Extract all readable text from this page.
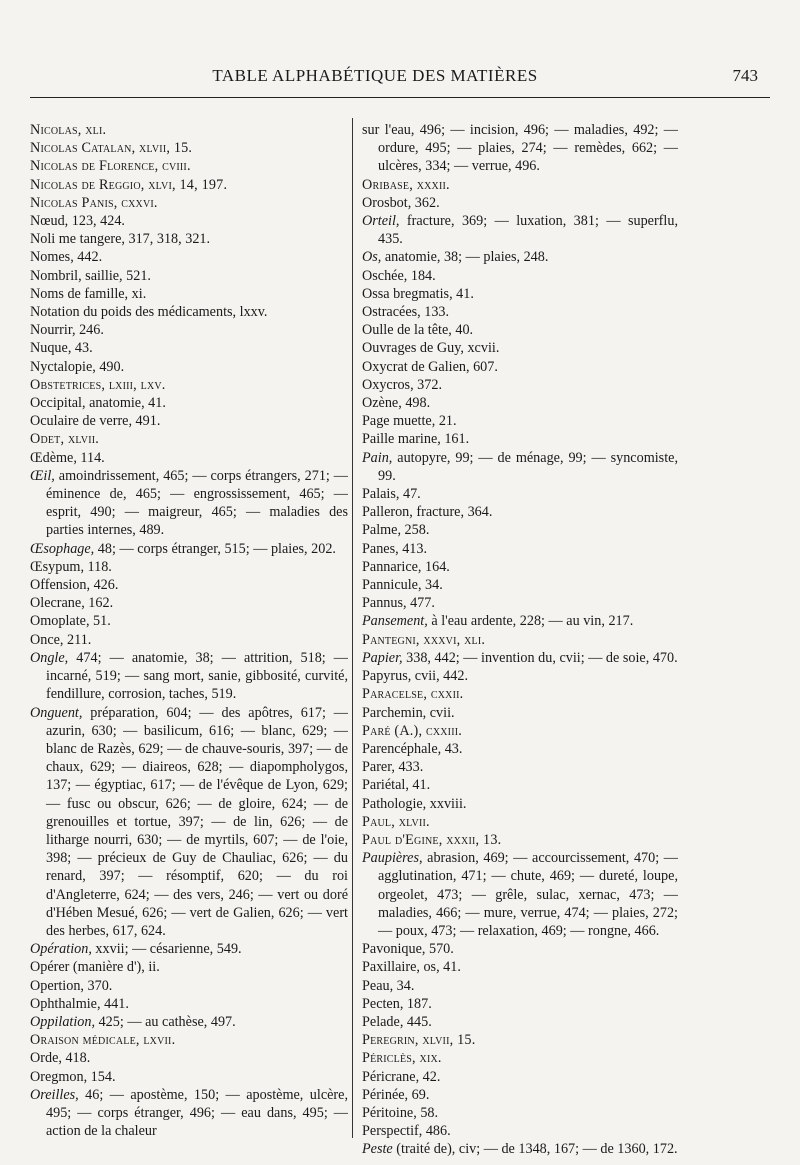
TABLE ALPHABÉTIQUE DES MATIÈRES	743

Nicolas, xli.

Nicolas Catalan, xlvii, 15.

Nicolas de Florence, cviii.

Nicolas de Reggio, xlvi, 14, 197.

Nicolas Panis, cxxvi.

Nœud, 123, 424.

Noli me tangere, 317, 318, 321.

Nomes, 442.

Nombril, saillie, 521.

Noms de famille, xi.

Notation du poids des médicaments, lxxv.

Nourrir, 246.

Nuque, 43.

Nyctalopie, 490.

Obstetrices, lxiii, lxv.

Occipital, anatomie, 41.

Oculaire de verre, 491.

Odet, xlvii.

Œdème, 114.

Œil, amoindrissement, 465; — corps étrangers, 271; — éminence de, 465; — engrossissement, 465; — esprit, 490; — maigreur, 465; — maladies des parties internes, 489.

Œsophage, 48; — corps étranger, 515; — plaies, 202.

Œsypum, 118.

Offension, 426.

Olecrane, 162.

Omoplate, 51.

Once, 211.

Ongle, 474; — anatomie, 38; — attrition, 518; — incarné, 519; — sang mort, sanie, gibbosité, curvité, fendillure, corrosion, taches, 519.

Onguent, préparation, 604; — des apôtres, 617; — azurin, 630; — basilicum, 616; — blanc, 629; — blanc de Razès, 629; — de chauve-souris, 397; — de chaux, 629; — diaireos, 628; — diapompholygos, 137; — égyptiac, 617; — de l'évêque de Lyon, 629; — fusc ou obscur, 626; — de gloire, 624; — de grenouilles et tortue, 397; — de lin, 626; — de litharge nourri, 630; — de myrtils, 607; — de l'oie, 398; — précieux de Guy de Chauliac, 626; — du renard, 397; — résomptif, 620; — du roi d'Angleterre, 624; — des vers, 246; — vert ou doré d'Hében Mesué, 626; — vert de Galien, 626; — vert des herbes, 617, 624.

Opération, xxvii; — césarienne, 549.

Opérer (manière d'), ii.

Opertion, 370.

Ophthalmie, 441.

Oppilation, 425; — au cathèse, 497.

Oraison médicale, lxvii.

Orde, 418.

Oregmon, 154.

Oreilles, 46; — apostème, 150; — apostème, ulcère, 495; — corps étranger, 496; — eau dans, 495; — action de la chaleur

sur l'eau, 496; — incision, 496; — maladies, 492; — ordure, 495; — plaies, 274; — remèdes, 662; — ulcères, 334; — verrue, 496.

Oribase, xxxii.

Orosbot, 362.

Orteil, fracture, 369; — luxation, 381; — superflu, 435.

Os, anatomie, 38; — plaies, 248.

Oschée, 184.

Ossa bregmatis, 41.

Ostracées, 133.

Oulle de la tête, 40.

Ouvrages de Guy, xcvii.

Oxycrat de Galien, 607.

Oxycros, 372.

Ozène, 498.

Page muette, 21.

Paille marine, 161.

Pain, autopyre, 99; — de ménage, 99; — syncomiste, 99.

Palais, 47.

Palleron, fracture, 364.

Palme, 258.

Panes, 413.

Pannarice, 164.

Pannicule, 34.

Pannus, 477.

Pansement, à l'eau ardente, 228; — au vin, 217.

Pantegni, xxxvi, xli.

Papier, 338, 442; — invention du, cvii; — de soie, 470.

Papyrus, cvii, 442.

Paracelse, cxxii.

Parchemin, cvii.

Paré (A.), cxxiii.

Parencéphale, 43.

Parer, 433.

Pariétal, 41.

Pathologie, xxviii.

Paul, xlvii.

Paul d'Egine, xxxii, 13.

Paupières, abrasion, 469; — accourcissement, 470; — agglutination, 471; — chute, 469; — dureté, loupe, orgeolet, 473; — grêle, sulac, xernac, 473; — maladies, 466; — mure, verrue, 474; — plaies, 272; — poux, 473; — relaxation, 469; — rongne, 466.

Pavonique, 570.

Paxillaire, os, 41.

Peau, 34.

Pecten, 187.

Pelade, 445.

Peregrin, xlvii, 15.

Périclès, xix.

Péricrane, 42.

Périnée, 69.

Péritoine, 58.

Perspectif, 486.

Peste (traité de), civ; — de 1348, 167; — de 1360, 172.
